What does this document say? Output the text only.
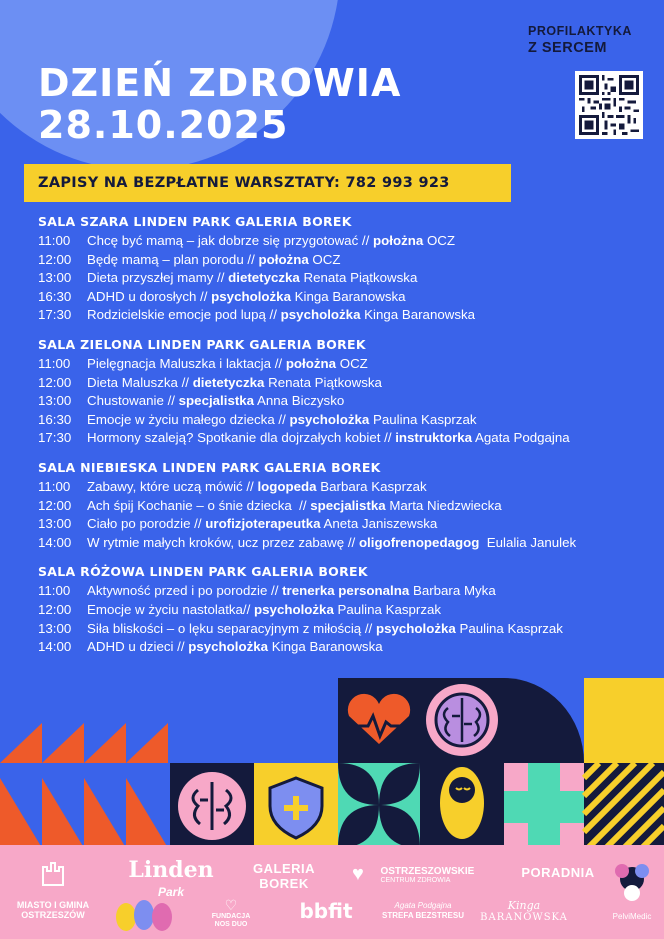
DZIEŃ ZDROWIA
28.10.2025
PROFILAKTYKA
Z SERCEM
ZAPISY NA BEZPŁATNE WARSZTATY: 782 993 923
SALA SZARA LINDEN PARK GALERIA BOREK
11:00	Chcę być mamą – jak dobrze się przygotować // położna OCZ
12:00	Będę mamą – plan porodu // położna OCZ
13:00	Dieta przyszłej mamy // dietetyczka Renata Piątkowska
16:30	ADHD u dorosłych // psycholożka Kinga Baranowska
17:30	Rodzicielskie emocje pod lupą // psycholożka Kinga Baranowska
SALA ZIELONA LINDEN PARK GALERIA BOREK
11:00	Pielęgnacja Maluszka i laktacja // położna OCZ
12:00	Dieta Maluszka // dietetyczka Renata Piątkowska
13:00	Chustowanie // specjalistka Anna Biczysko
16:30	Emocje w życiu małego dziecka // psycholożka Paulina Kasprzak
17:30	Hormony szaleją? Spotkanie dla dojrzałych kobiet // instruktorka Agata Podgajna
SALA NIEBIESKA LINDEN PARK GALERIA BOREK
11:00	Zabawy, które uczą mówić // logopeda Barbara Kasprzak
12:00	Ach śpij Kochanie – o śnie dziecka  // specjalistka Marta Niedzwiecka
13:00	Ciało po porodzie // urofizjoterapeutka Aneta Janiszewska
14:00	W rytmie małych kroków, ucz przez zabawę // oligofrenopedagog Eulalia Janulek
SALA RÓŻOWA LINDEN PARK GALERIA BOREK
11:00	Aktywność przed i po porodzie // trenerka personalna Barbara Myka
12:00	Emocje w życiu nastolatka// psycholożka Paulina Kasprzak
13:00	Siła bliskości – o lęku separacyjnym z miłością // psycholożka Paulina Kasprzak
14:00	ADHD u dzieci // psycholożka Kinga Baranowska
MIASTO I GMINA
OSTRZESZÓW
Linden Park
GALERIA
BOREK
♡
FUNDACJA
NOS DUO
bbfit
♥ OSTRZESZOWSKIE
CENTRUM ZDROWIA
Agata Podgajna
STREFA BEZSTRESU
PORADNIA
Kinga
BARANOWSKA	PelviMedic
